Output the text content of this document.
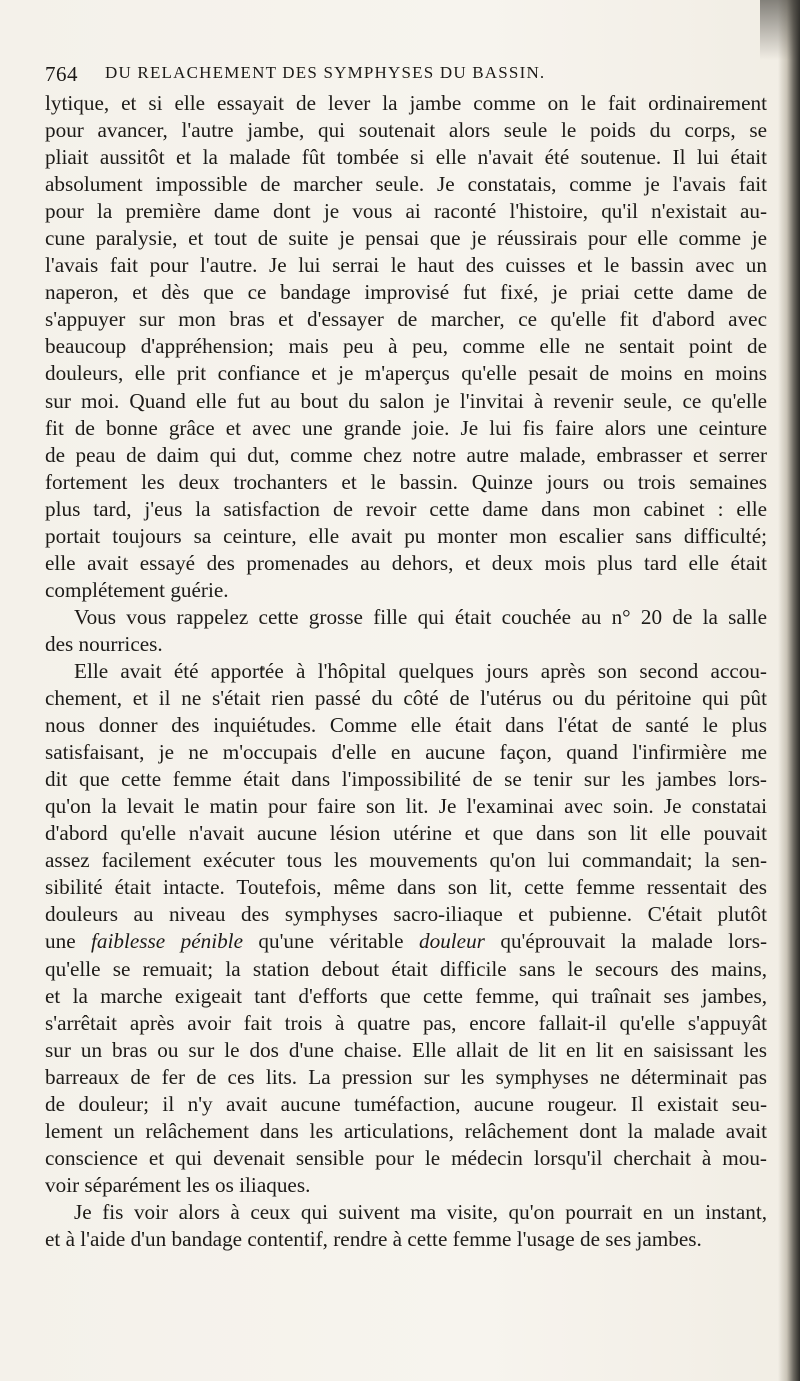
764 DU RELACHEMENT DES SYMPHYSES DU BASSIN.

lytique, et si elle essayait de lever la jambe comme on le fait ordinairement

pour avancer, l'autre jambe, qui soutenait alors seule le poids du corps, se

pliait aussitôt et la malade fût tombée si elle n'avait été soutenue. Il lui était

absolument impossible de marcher seule. Je constatais, comme je l'avais fait

pour la première dame dont je vous ai raconté l'histoire, qu'il n'existait au-

cune paralysie, et tout de suite je pensai que je réussirais pour elle comme je

l'avais fait pour l'autre. Je lui serrai le haut des cuisses et le bassin avec un

naperon, et dès que ce bandage improvisé fut fixé, je priai cette dame de

s'appuyer sur mon bras et d'essayer de marcher, ce qu'elle fit d'abord avec

beaucoup d'appréhension; mais peu à peu, comme elle ne sentait point de

douleurs, elle prit confiance et je m'aperçus qu'elle pesait de moins en moins

sur moi. Quand elle fut au bout du salon je l'invitai à revenir seule, ce qu'elle

fit de bonne grâce et avec une grande joie. Je lui fis faire alors une ceinture

de peau de daim qui dut, comme chez notre autre malade, embrasser et serrer

fortement les deux trochanters et le bassin. Quinze jours ou trois semaines

plus tard, j'eus la satisfaction de revoir cette dame dans mon cabinet : elle

portait toujours sa ceinture, elle avait pu monter mon escalier sans difficulté;

elle avait essayé des promenades au dehors, et deux mois plus tard elle était

complétement guérie.

Vous vous rappelez cette grosse fille qui était couchée au n° 20 de la salle

des nourrices.

Elle avait été apportée à l'hôpital quelques jours après son second accou-

chement, et il ne s'était rien passé du côté de l'utérus ou du péritoine qui pût

nous donner des inquiétudes. Comme elle était dans l'état de santé le plus

satisfaisant, je ne m'occupais d'elle en aucune façon, quand l'infirmière me

dit que cette femme était dans l'impossibilité de se tenir sur les jambes lors-

qu'on la levait le matin pour faire son lit. Je l'examinai avec soin. Je constatai

d'abord qu'elle n'avait aucune lésion utérine et que dans son lit elle pouvait

assez facilement exécuter tous les mouvements qu'on lui commandait; la sen-

sibilité était intacte. Toutefois, même dans son lit, cette femme ressentait des

douleurs au niveau des symphyses sacro-iliaque et pubienne. C'était plutôt

une faiblesse pénible qu'une véritable douleur qu'éprouvait la malade lors-

qu'elle se remuait; la station debout était difficile sans le secours des mains,

et la marche exigeait tant d'efforts que cette femme, qui traînait ses jambes,

s'arrêtait après avoir fait trois à quatre pas, encore fallait-il qu'elle s'appuyât

sur un bras ou sur le dos d'une chaise. Elle allait de lit en lit en saisissant les

barreaux de fer de ces lits. La pression sur les symphyses ne déterminait pas

de douleur; il n'y avait aucune tuméfaction, aucune rougeur. Il existait seu-

lement un relâchement dans les articulations, relâchement dont la malade avait

conscience et qui devenait sensible pour le médecin lorsqu'il cherchait à mou-

voir séparément les os iliaques.

Je fis voir alors à ceux qui suivent ma visite, qu'on pourrait en un instant,

et à l'aide d'un bandage contentif, rendre à cette femme l'usage de ses jambes.
